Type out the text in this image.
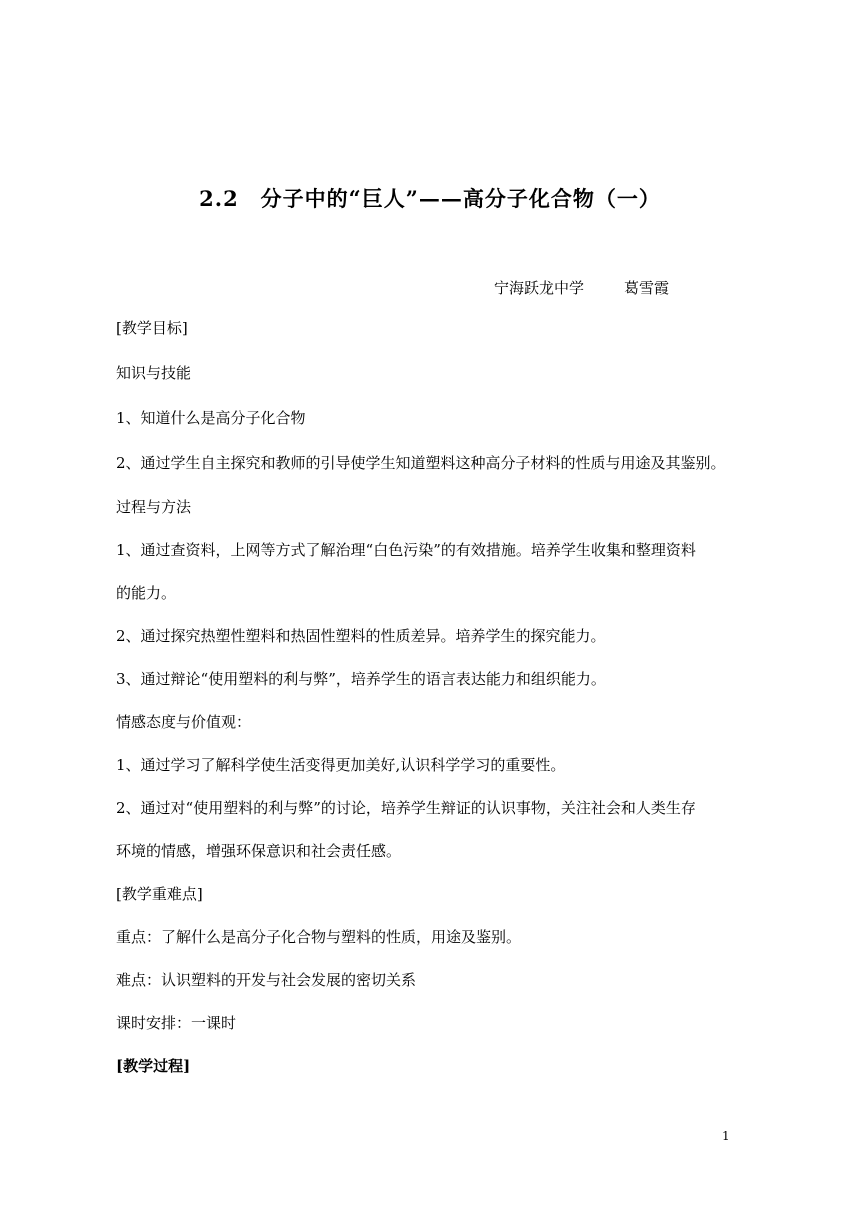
2.2　分子中的“巨人”——高分子化合物（一）
宁海跃龙中学	葛雪霞
[教学目标]
知识与技能
1、知道什么是高分子化合物
2、通过学生自主探究和教师的引导使学生知道塑料这种高分子材料的性质与用途及其鉴别。
过程与方法
1、通过查资料，上网等方式了解治理“白色污染”的有效措施。培养学生收集和整理资料
的能力。
2、通过探究热塑性塑料和热固性塑料的性质差异。培养学生的探究能力。
3、通过辩论“使用塑料的利与弊”，培养学生的语言表达能力和组织能力。
情感态度与价值观：
1、通过学习了解科学使生活变得更加美好,认识科学学习的重要性。
2、通过对“使用塑料的利与弊”的讨论，培养学生辩证的认识事物，关注社会和人类生存
环境的情感，增强环保意识和社会责任感。
[教学重难点]
重点：了解什么是高分子化合物与塑料的性质，用途及鉴别。
难点：认识塑料的开发与社会发展的密切关系
课时安排：一课时
[教学过程]
1
